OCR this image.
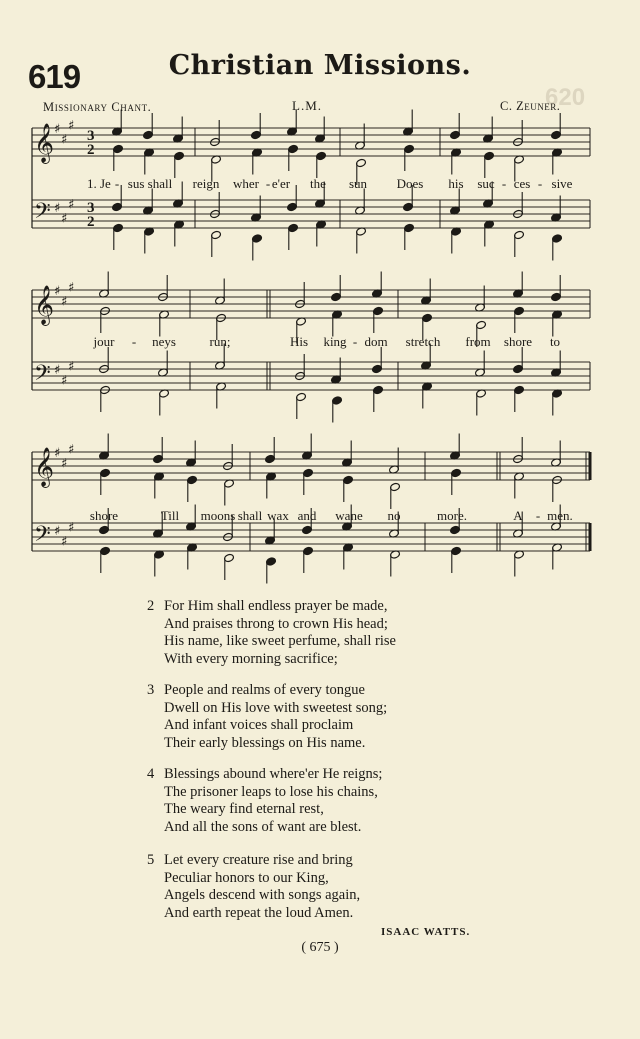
620
619	Christian Missions.
Missionary Chant.	L.M.	C. Zeuner.
𝄞
𝄢
♯
♯
♯
♯
♯
♯
3
3
2
2
1. Je - sus shall reign wher - e'er the sun Does his suc - ces - sive
𝄞
𝄢
♯
♯
♯
♯
♯
♯
jour - neys	run;	His king - dom stretch from shore to
𝄞
𝄢
♯
♯
♯
♯
♯
♯
shore	Till moons shall wax and wane no	more.	A - men.
2 For Him shall endless prayer be made,
And praises throng to crown His head;
His name, like sweet perfume, shall rise
With every morning sacrifice;
3 People and realms of every tongue
Dwell on His love with sweetest song;
And infant voices shall proclaim
Their early blessings on His name.
4 Blessings abound where'er He reigns;
The prisoner leaps to lose his chains,
The weary find eternal rest,
And all the sons of want are blest.
5 Let every creature rise and bring
Peculiar honors to our King,
Angels descend with songs again,
And earth repeat the loud Amen.
ISAAC WATTS.
( 675 )
